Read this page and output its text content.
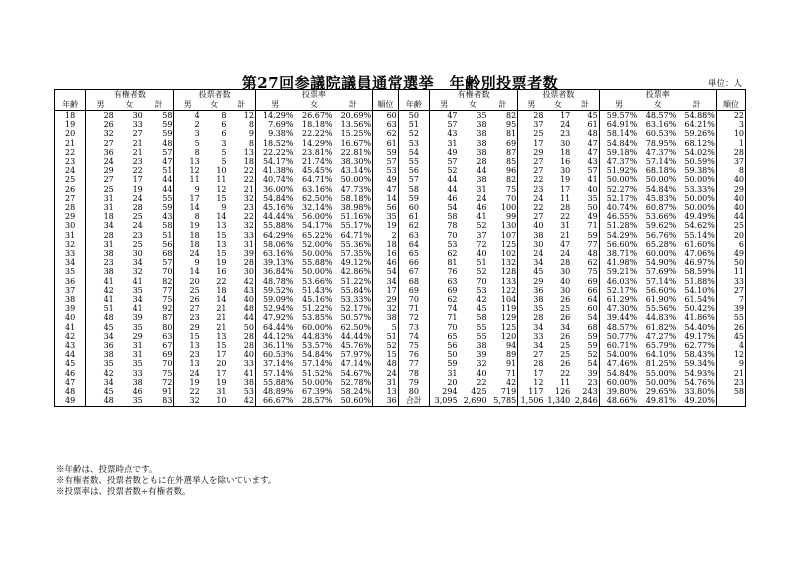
第27回参議院議員通常選挙　年齢別投票者数	単位：人
	有権者数			投票者数			投票率					有権者数			投票者数			投票率			
年齢	男	女	計	男	女	計	男	女	計	順位	年齢	男	女	計	男	女	計	男	女	計	順位
18	28	30	58	4	8	12	14.29%	26.67%	20.69%	60	50	47	35	82	28	17	45	59.57%	48.57%	54.88%	22
19	26	33	59	2	6	8	7.69%	18.18%	13.56%	63	51	57	38	95	37	24	61	64.91%	63.16%	64.21%	3
20	32	27	59	3	6	9	9.38%	22.22%	15.25%	62	52	43	38	81	25	23	48	58.14%	60.53%	59.26%	10
21	27	21	48	5	3	8	18.52%	14.29%	16.67%	61	53	31	38	69	17	30	47	54.84%	78.95%	68.12%	1
22	36	21	57	8	5	13	22.22%	23.81%	22.81%	59	54	49	38	87	29	18	47	59.18%	47.37%	54.02%	28
23	24	23	47	13	5	18	54.17%	21.74%	38.30%	57	55	57	28	85	27	16	43	47.37%	57.14%	50.59%	37
24	29	22	51	12	10	22	41.38%	45.45%	43.14%	53	56	52	44	96	27	30	57	51.92%	68.18%	59.38%	8
25	27	17	44	11	11	22	40.74%	64.71%	50.00%	49	57	44	38	82	22	19	41	50.00%	50.00%	50.00%	40
26	25	19	44	9	12	21	36.00%	63.16%	47.73%	47	58	44	31	75	23	17	40	52.27%	54.84%	53.33%	29
27	31	24	55	17	15	32	54.84%	62.50%	58.18%	14	59	46	24	70	24	11	35	52.17%	45.83%	50.00%	40
28	31	28	59	14	9	23	45.16%	32.14%	38.98%	56	60	54	46	100	22	28	50	40.74%	60.87%	50.00%	40
29	18	25	43	8	14	22	44.44%	56.00%	51.16%	35	61	58	41	99	27	22	49	46.55%	53.66%	49.49%	44
30	34	24	58	19	13	32	55.88%	54.17%	55.17%	19	62	78	52	130	40	31	71	51.28%	59.62%	54.62%	25
31	28	23	51	18	15	33	64.29%	65.22%	64.71%	2	63	70	37	107	38	21	59	54.29%	56.76%	55.14%	20
32	31	25	56	18	13	31	58.06%	52.00%	55.36%	18	64	53	72	125	30	47	77	56.60%	65.28%	61.60%	6
33	38	30	68	24	15	39	63.16%	50.00%	57.35%	16	65	62	40	102	24	24	48	38.71%	60.00%	47.06%	49
34	23	34	57	9	19	28	39.13%	55.88%	49.12%	46	66	81	51	132	34	28	62	41.98%	54.90%	46.97%	50
35	38	32	70	14	16	30	36.84%	50.00%	42.86%	54	67	76	52	128	45	30	75	59.21%	57.69%	58.59%	11
36	41	41	82	20	22	42	48.78%	53.66%	51.22%	34	68	63	70	133	29	40	69	46.03%	57.14%	51.88%	33
37	42	35	77	25	18	43	59.52%	51.43%	55.84%	17	69	69	53	122	36	30	66	52.17%	56.60%	54.10%	27
38	41	34	75	26	14	40	59.09%	45.16%	53.33%	29	70	62	42	104	38	26	64	61.29%	61.90%	61.54%	7
39	51	41	92	27	21	48	52.94%	51.22%	52.17%	32	71	74	45	119	35	25	60	47.30%	55.56%	50.42%	39
40	48	39	87	23	21	44	47.92%	53.85%	50.57%	38	72	71	58	129	28	26	54	39.44%	44.83%	41.86%	55
41	45	35	80	29	21	50	64.44%	60.00%	62.50%	5	73	70	55	125	34	34	68	48.57%	61.82%	54.40%	26
42	34	29	63	15	13	28	44.12%	44.83%	44.44%	51	74	65	55	120	33	26	59	50.77%	47.27%	49.17%	45
43	36	31	67	13	15	28	36.11%	53.57%	45.76%	52	75	56	38	94	34	25	59	60.71%	65.79%	62.77%	4
44	38	31	69	23	17	40	60.53%	54.84%	57.97%	15	76	50	39	89	27	25	52	54.00%	64.10%	58.43%	12
45	35	35	70	13	20	33	37.14%	57.14%	47.14%	48	77	59	32	91	28	26	54	47.46%	81.25%	59.34%	9
46	42	33	75	24	17	41	57.14%	51.52%	54.67%	24	78	31	40	71	17	22	39	54.84%	55.00%	54.93%	21
47	34	38	72	19	19	38	55.88%	50.00%	52.78%	31	79	20	22	42	12	11	23	60.00%	50.00%	54.76%	23
48	45	46	91	22	31	53	48.89%	67.39%	58.24%	13	80	294	425	719	117	126	243	39.80%	29.65%	33.80%	58
49	48	35	83	32	10	42	66.67%	28.57%	50.60%	36	合計	3,095	2,690	5,785	1,506	1,340	2,846	48.66%	49.81%	49.20%	
※年齢は、投票時点です。
※有権者数、投票者数ともに在外選挙人を除いています。
※投票率は、投票者数÷有権者数。
